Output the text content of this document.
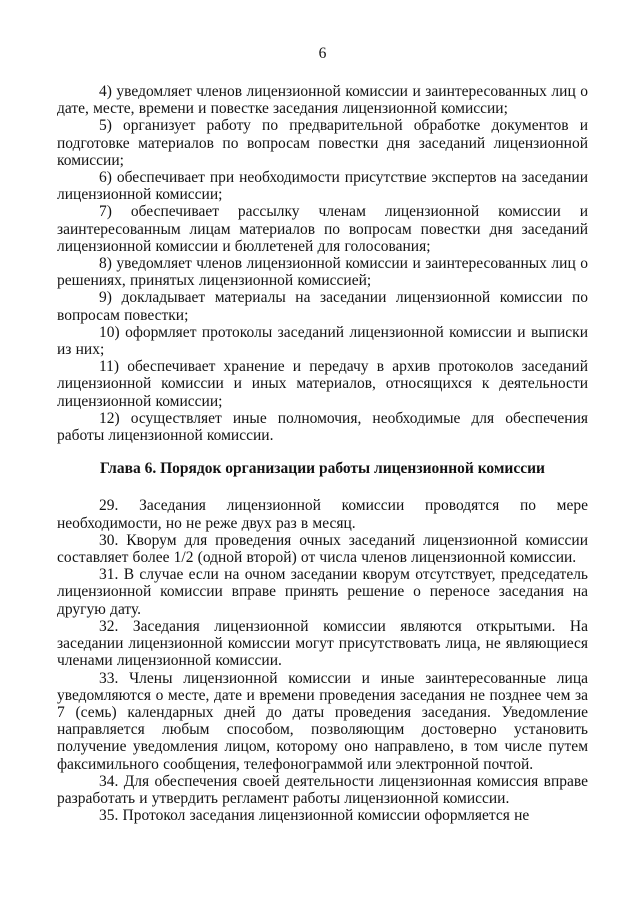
6

4) уведомляет членов лицензионной комиссии и заинтересованных лиц о дате, месте, времени и повестке заседания лицензионной комиссии;

5) организует работу по предварительной обработке документов и подготовке материалов по вопросам повестки дня заседаний лицензионной комиссии;

6) обеспечивает при необходимости присутствие экспертов на заседании лицензионной комиссии;

7) обеспечивает рассылку членам лицензионной комиссии и заинтересованным лицам материалов по вопросам повестки дня заседаний лицензионной комиссии и бюллетеней для голосования;

8) уведомляет членов лицензионной комиссии и заинтересованных лиц о решениях, принятых лицензионной комиссией;

9) докладывает материалы на заседании лицензионной комиссии по вопросам повестки;

10) оформляет протоколы заседаний лицензионной комиссии и выписки из них;

11) обеспечивает хранение и передачу в архив протоколов заседаний лицензионной комиссии и иных материалов, относящихся к деятельности лицензионной комиссии;

12) осуществляет иные полномочия, необходимые для обеспечения работы лицензионной комиссии.

Глава 6. Порядок организации работы лицензионной комиссии

29. Заседания лицензионной комиссии проводятся по мере необходимости, но не реже двух раз в месяц.

30. Кворум для проведения очных заседаний лицензионной комиссии составляет более 1/2 (одной второй) от числа членов лицензионной комиссии.

31. В случае если на очном заседании кворум отсутствует, председатель лицензионной комиссии вправе принять решение о переносе заседания на другую дату.

32. Заседания лицензионной комиссии являются открытыми. На заседании лицензионной комиссии могут присутствовать лица, не являющиеся членами лицензионной комиссии.

33. Члены лицензионной комиссии и иные заинтересованные лица уведомляются о месте, дате и времени проведения заседания не позднее чем за 7 (семь) календарных дней до даты проведения заседания. Уведомление направляется любым способом, позволяющим достоверно установить получение уведомления лицом, которому оно направлено, в том числе путем факсимильного сообщения, телефонограммой или электронной почтой.

34. Для обеспечения своей деятельности лицензионная комиссия вправе разработать и утвердить регламент работы лицензионной комиссии.

35. Протокол заседания лицензионной комиссии оформляется не
